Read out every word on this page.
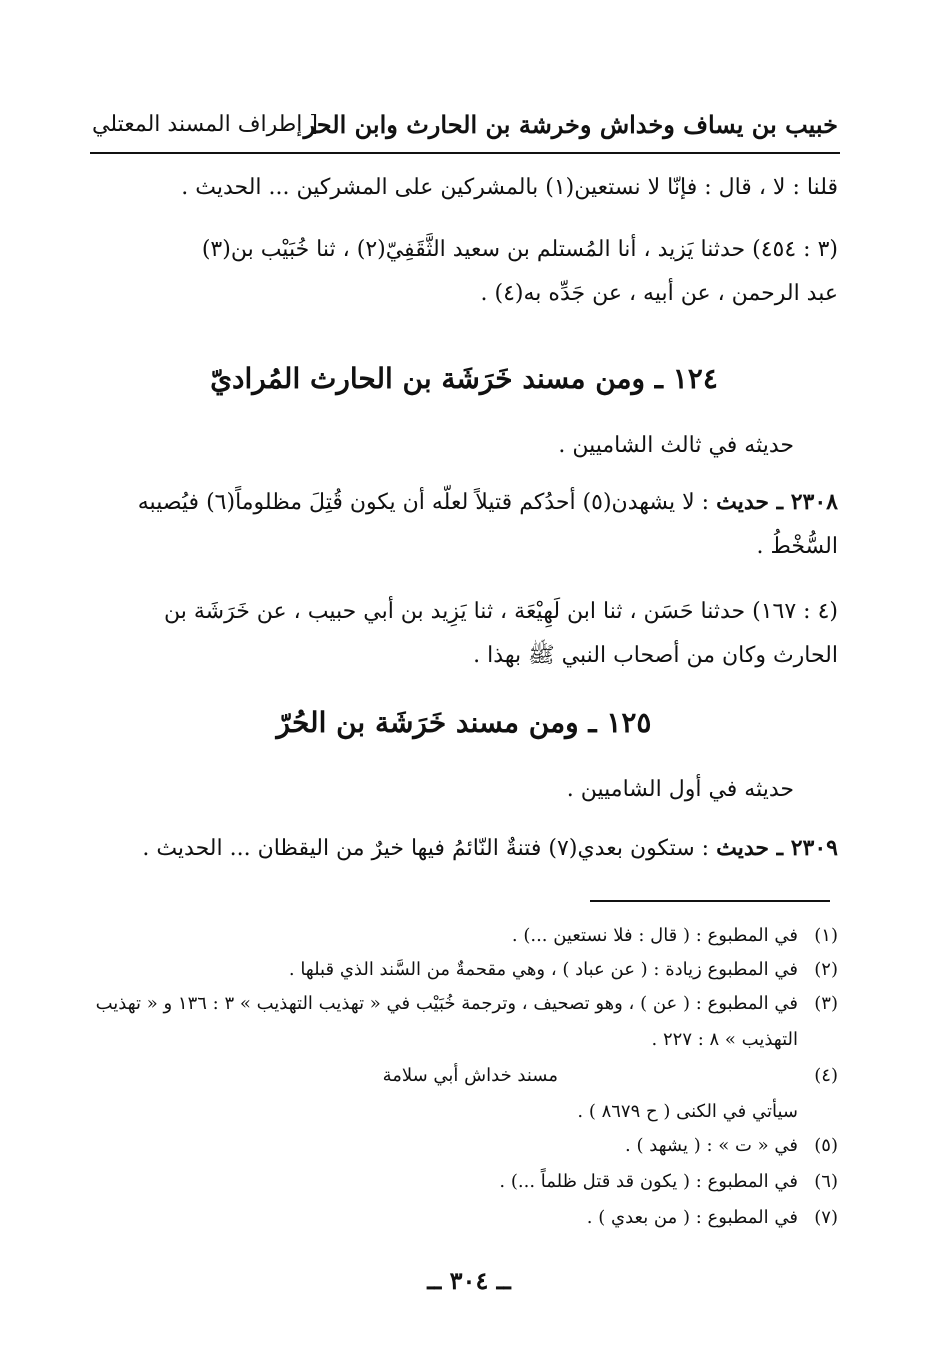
خبيب بن يساف وخداش وخرشة بن الحارث وابن الحر
[ إطراف المسند المعتلي
قلنا : لا ، قال : فإنّا لا نستعين(١) بالمشركين على المشركين ... الحديث .
(٣ : ٤٥٤) حدثنا يَزيد ، أنا المُستلم بن سعيد الثَّقَفِيّ(٢) ، ثنا خُبَيْب بن(٣)
عبد الرحمن ، عن أبيه ، عن جَدِّه به(٤) .
١٢٤ ـ ومن مسند خَرَشَة بن الحارث المُراديّ
حديثه في ثالث الشاميين .
٢٣٠٨ ـ حديث : لا يشهدن(٥) أحدُكم قتيلاً لعلّه أن يكون قُتِلَ مظلوماً(٦) فيُصيبه
السُّخْطُ .
(٤ : ١٦٧) حدثنا حَسَن ، ثنا ابن لَهِيْعَة ، ثنا يَزِيد بن أبي حبيب ، عن خَرَشَة بن
الحارث وكان من أصحاب النبي ﷺ بهذا .
١٢٥ ـ ومن مسند خَرَشَة بن الحُرّ
حديثه في أول الشاميين .
٢٣٠٩ ـ حديث : ستكون بعدي(٧) فتنةٌ النّائمُ فيها خيرٌ من اليقظان ... الحديث .
(١)في المطبوع : ( قال : فلا نستعين ...) .
(٢)في المطبوع زيادة : ( عن عباد ) ، وهي مقحمةٌ من السَّند الذي قبلها .
(٣)في المطبوع : ( عن ) ، وهو تصحيف ، وترجمة خُبَيْب في « تهذيب التهذيب » ٣ : ١٣٦ و « تهذيب
التهذيب » ٨ : ٢٢٧ .
(٤)مسند خداش أبي سلامة
سيأتي في الكنى ( ح ٨٦٧٩ ) .
(٥)في « ت » : ( يشهد ) .
(٦)في المطبوع : ( يكون قد قتل ظلماً ...) .
(٧)في المطبوع : ( من بعدي ) .
ــ ٣٠٤ ــ
